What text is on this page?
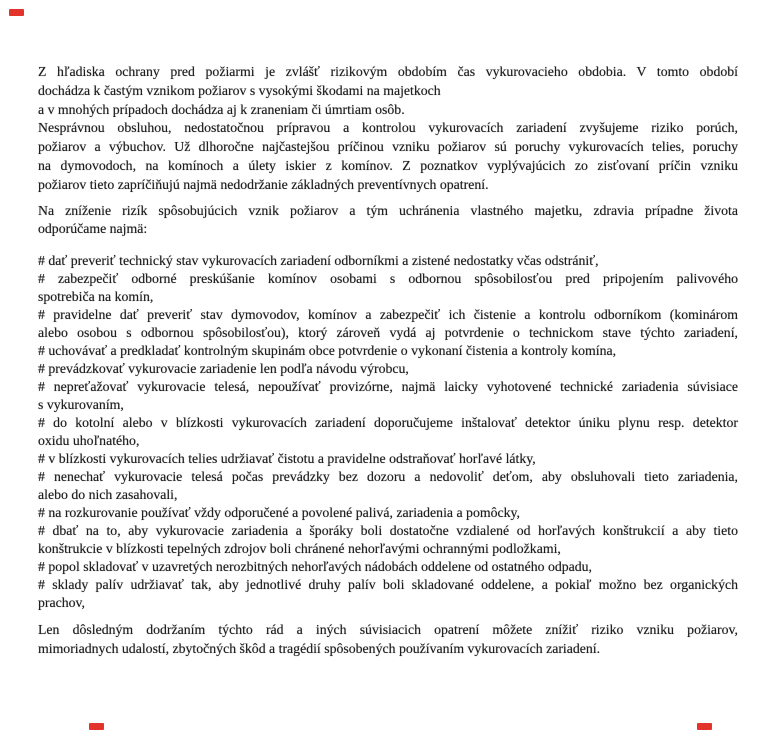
Z hľadiska ochrany pred požiarmi je zvlášť rizikovým obdobím čas vykurovacieho obdobia. V tomto období
dochádza k častým vznikom požiarov s vysokými škodami na majetkoch
a v mnohých prípadoch dochádza aj k zraneniam či úmrtiam osôb.
Nesprávnou obsluhou, nedostatočnou prípravou a kontrolou vykurovacích zariadení zvyšujeme riziko porúch,
požiarov a výbuchov. Už dlhoročne najčastejšou príčinou vzniku požiarov sú poruchy vykurovacích telies, poruchy
na dymovodoch, na komínoch a úlety iskier z komínov. Z poznatkov vyplývajúcich zo zisťovaní príčin vzniku
požiarov tieto zapríčiňujú najmä nedodržanie základných preventívnych opatrení.
Na zníženie rizík spôsobujúcich vznik požiarov a tým uchránenia vlastného majetku, zdravia prípadne života
odporúčame najmä:
# dať preveriť technický stav vykurovacích zariadení odborníkmi a zistené nedostatky včas odstrániť,
# zabezpečiť odborné preskúšanie komínov osobami s odbornou spôsobilosťou pred pripojením palivového
spotrebiča na komín,
# pravidelne dať preveriť stav dymovodov, komínov a zabezpečiť ich čistenie a kontrolu odborníkom (kominárom
alebo osobou s odbornou spôsobilosťou), ktorý zároveň vydá aj potvrdenie o technickom stave týchto zariadení,
# uchovávať a predkladať kontrolným skupinám obce potvrdenie o vykonaní čistenia a kontroly komína,
# prevádzkovať vykurovacie zariadenie len podľa návodu výrobcu,
# nepreťažovať vykurovacie telesá, nepoužívať provizórne, najmä laicky vyhotovené technické zariadenia súvisiace
s vykurovaním,
# do kotolní alebo v blízkosti vykurovacích zariadení doporučujeme inštalovať detektor úniku plynu resp. detektor
oxidu uhoľnatého,
# v blízkosti vykurovacích telies udržiavať čistotu a pravidelne odstraňovať horľavé látky,
# nenechať vykurovacie telesá počas prevádzky bez dozoru a nedovoliť deťom, aby obsluhovali tieto zariadenia,
alebo do nich zasahovali,
# na rozkurovanie používať vždy odporučené a povolené palivá, zariadenia a pomôcky,
# dbať na to, aby vykurovacie zariadenia a šporáky boli dostatočne vzdialené od horľavých konštrukcií a aby tieto
konštrukcie v blízkosti tepelných zdrojov boli chránené nehorľavými ochrannými podložkami,
# popol skladovať v uzavretých nerozbitných nehorľavých nádobách oddelene od ostatného odpadu,
# sklady palív udržiavať tak, aby jednotlivé druhy palív boli skladované oddelene, a pokiaľ možno bez organických
prachov,
Len dôsledným dodržaním týchto rád a iných súvisiacich opatrení môžete znížiť riziko vzniku požiarov,
mimoriadnych udalostí, zbytočných škôd a tragédií spôsobených používaním vykurovacích zariadení.
